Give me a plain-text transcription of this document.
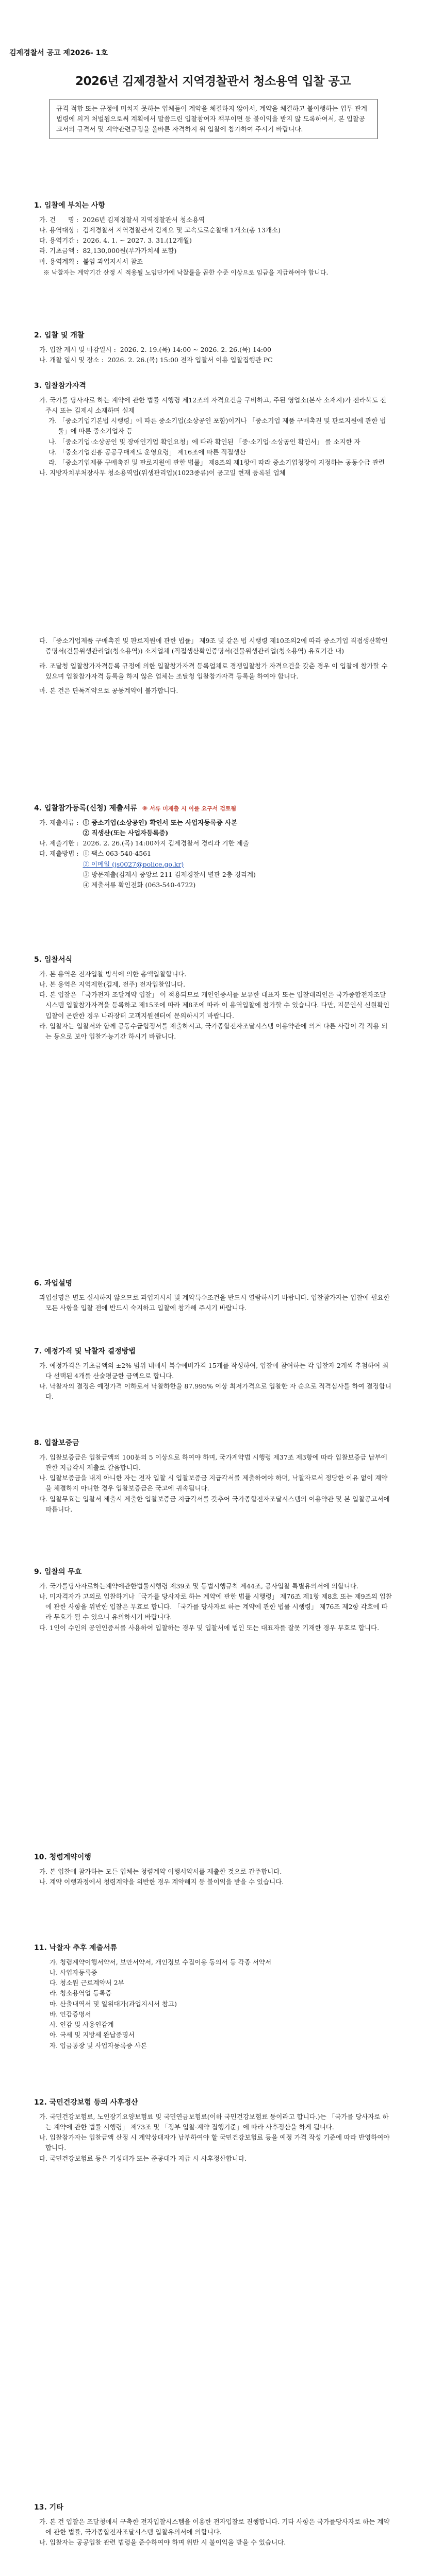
김제경찰서 공고 제2026- 1호
2026년 김제경찰서 지역경찰관서 청소용역 입찰 공고
규격 적합 또는 규정에 미치지 못하는 업체들이 계약을 체결하지 않아서, 계약을 체결하고 불이행하는 업무 관계법령에 의거 처벌됨으로써 계획에서 말씀드린 입찰참여자 책무이면 등 불이익을 받지 않 도록하여서, 본 입찰공고서의 규격서 및 계약관련규정을 올바른 자격하지 위 입찰에 참가하여 주시기 바랍니다.
1. 입찰에 부치는 사항
가. 건      명 : 2026년 김제경찰서 지역경찰관서 청소용역
나. 용역대상 : 김제경찰서 지역경찰관서 김제요 및 고속도로순찰대 1개소(총 13개소)
다. 용역기간 : 2026. 4. 1. ~ 2027. 3. 31.(12개월)
라. 기초금액 : 82,130,000원(부가가치세 포함)
마. 용역계획 : 붙임 과업지시서 참조
※ 낙찰자는 계약기간 산정 시 적용될 노임단가에 낙찰률을 곱한 수준 이상으로 임금을 지급하여야 합니다.
2. 입찰 및 개찰
가. 입찰 게시 및 마감일시 : 2026. 2. 19.(목) 14:00 ~ 2026. 2. 26.(목) 14:00
나. 개찰 일시 및 장소 : 2026. 2. 26.(목) 15:00 전자 입찰서 이용 입찰집행관 PC
3. 입찰참가자격
가. 국가를 당사자로 하는 계약에 관한 법률 시행령 제12조의 자격요건을 구비하고, 주된 영업소(본사 소재지)가 전라북도 전주시 또는 김제시 소재하며 실제
가. 「중소기업기본법 시행령」에 따른 중소기업(소상공인 포함)이거나 「중소기업 제품 구매촉진 및 판로지원에 관한 법률」에 따른 중소기업자 등
나. 「중소기업·소상공인 및 장애인기업 확인요청」에 따라 확인된 「중·소기업·소상공인 확인서」 를 소지한 자
다. 「중소기업진흥 공공구매제도 운영요령」 제16조에 따른 직접생산
라. 「중소기업제품 구매촉진 및 판로지원에 관한 법률」 제8조의 제1항에 따라 중소기업청장이 지정하는 공동수급 관련
나. 지방자치부처장사무 청소용역업(위생관리업)(1023종류)이 공고일 현재 등록된 업체
다. 「중소기업제품 구매촉진 및 판로지원에 관한 법률」 제9조 및 같은 법 시행령 제10조의2에 따라 중소기업 직접생산확인증명서(건물위생관리업(청소용역)) 소지업체 (직접생산확인증명서(건물위생관리업(청소용역) 유효기간 내)
라. 조달청 입찰참가자격등록 규정에 의한 입찰참가자격 등록업체로 경쟁입찰참가 자격요건을 갖춘 경우 이 입찰에 참가할 수 있으며 입찰참가자격 등록을 하지 않은 업체는 조달청 입찰참가자격 등록을 하여야 합니다.
마. 본 건은 단독계약으로 공동계약이 불가합니다.
4. 입찰참가등록(신청) 제출서류 ※ 서류 미제출 시 이를 요구서 검토됨
가. 제출서류 : ① 중소기업(소상공인) 확인서 또는 사업자등록증 사본
② 직생산(또는 사업자등록증)
나. 제출기한 : 2026. 2. 26.(목) 14:00까지 김제경찰서 경리과 기한 제출
다. 제출방법 : ① 팩스 063-540-4561
② 이메일 (js0027@police.go.kr)
③ 방문제출(김제시 중앙로 211 김제경찰서 별관 2층 경리계)
④ 제출서류 확인전화 (063-540-4722)
5. 입찰서식
가. 본 용역은 전자입찰 방식에 의한 총액입찰합니다.
나. 본 용역은 지역제한(김제, 전주) 전자입찰입니다.
다. 본 입찰은 「국가전자 조달계약 입찰」 이 적용되므로 개인인증서를 보유한 대표자 또는 입찰대리인은 국가종합전자조달시스템 입찰참가자격을 등록하고 제15조에 따라 제8조에 따라 이 용역입찰에 참가할 수 있습니다. 다만, 지문인식 신원확인 입찰이 곤란한 경우 나라장터 고객지원센터에 문의하시기 바랍니다.
라. 입찰자는 입찰서와 함께 공동수급협정서를 제출하시고, 국가종합전자조달시스템 이용약관에 의거 다른 사람이 각 적용 되는 등으로 보아 입찰가능기간 하시기 바랍니다.
6. 과업설명
과업설명은 별도 실시하지 않으므로 과업지시서 및 계약특수조건을 반드시 열람하시기 바랍니다. 입찰참가자는 입찰에 필요한 모든 사항을 입찰 전에 반드시 숙지하고 입찰에 참가해 주시기 바랍니다.
7. 예정가격 및 낙찰자 결정방법
가. 예정가격은 기초금액의 ±2% 범위 내에서 복수예비가격 15개를 작성하여, 입찰에 참여하는 각 입찰자 2개씩 추첨하여 최다 선택된 4개를 산술평균한 금액으로 합니다.
나. 낙찰자의 결정은 예정가격 이하로서 낙찰하한율 87.995% 이상 최저가격으로 입찰한 자 순으로 적격심사를 하여 결정합니다.
8. 입찰보증금
가. 입찰보증금은 입찰금액의 100분의 5 이상으로 하여야 하며, 국가계약법 시행령 제37조 제3항에 따라 입찰보증금 납부에 관한 지급각서 제출로 갈음합니다.
나. 입찰보증금을 내지 아니한 자는 전자 입찰 시 입찰보증금 지급각서를 제출하여야 하며, 낙찰자로서 정당한 이유 없이 계약을 체결하지 아니한 경우 입찰보증금은 국고에 귀속됩니다.
다. 입찰무효는 입찰서 제출시 제출한 입찰보증금 지급각서를 갖추어 국가종합전자조달시스템의 이용약관 및 본 입찰공고서에 따릅니다.
9. 입찰의 무효
가. 국가를당사자로하는계약에관한법률시행령 제39조 및 동법시행규칙 제44조, 공사입찰 특별유의서에 의합니다.
나. 미자격자가 고의로 입찰하거나「국가를 당사자로 하는 계약에 관한 법률 시행령」 제76조 제1항 제8호 또는 제9조의 입찰에 관한 사항을 위반한 입찰은 무효로 합니다. 「국가를 당사자로 하는 계약에 관한 법률 시행령」 제76조 제2항 각호에 따라 무효가 될 수 있으니 유의하시기 바랍니다.
다. 1인이 수인의 공인인증서를 사용하여 입찰하는 경우 및 입찰서에 법인 또는 대표자를 잘못 기재한 경우 무효로 합니다.
10. 청렴계약이행
가. 본 입찰에 참가하는 모든 업체는 청렴계약 이행서약서를 제출한 것으로 간주합니다.
나. 계약 이행과정에서 청렴계약을 위반한 경우 계약해지 등 불이익을 받을 수 있습니다.
11. 낙찰자 추후 제출서류
가. 청렴계약이행서약서, 보안서약서, 개인정보 수집이용 동의서 등 각종 서약서
나. 사업자등록증
다. 청소원 근로계약서 2부
라. 청소용역업 등록증
마. 산출내역서 및 일위대가(과업지시서 참고)
바. 인감증명서
사. 인감 및 사용인감계
아. 국세 및 지방세 완납증명서
자. 입금통장 및 사업자등록증 사본
12. 국민건강보험 등의 사후정산
가. 국민건강보험료, 노인장기요양보험료 및 국민연금보험료(이하 국민건강보험료 등이라고 합니다.)는 「국가를 당사자로 하는 계약에 관한 법률 시행령」 제73조 및 「정부 입찰·계약 집행기준」에 따라 사후정산을 하게 됩니다.
나. 입찰참가자는 입찰금액 산정 시 계약상대자가 납부하여야 할 국민건강보험료 등을 예정 가격 작성 기준에 따라 반영하여야 합니다.
다. 국민건강보험료 등은 기성대가 또는 준공대가 지급 시 사후정산합니다.
13. 기타
가. 본 건 입찰은 조달청에서 구축한 전자입찰시스템을 이용한 전자입찰로 진행합니다. 기타 사항은 국가를당사자로 하는 계약에 관한 법률, 국가종합전자조달시스템 입찰유의서에 의합니다.
나. 입찰자는 공공입찰 관련 법령을 준수하여야 하며 위반 시 불이익을 받을 수 있습니다.
